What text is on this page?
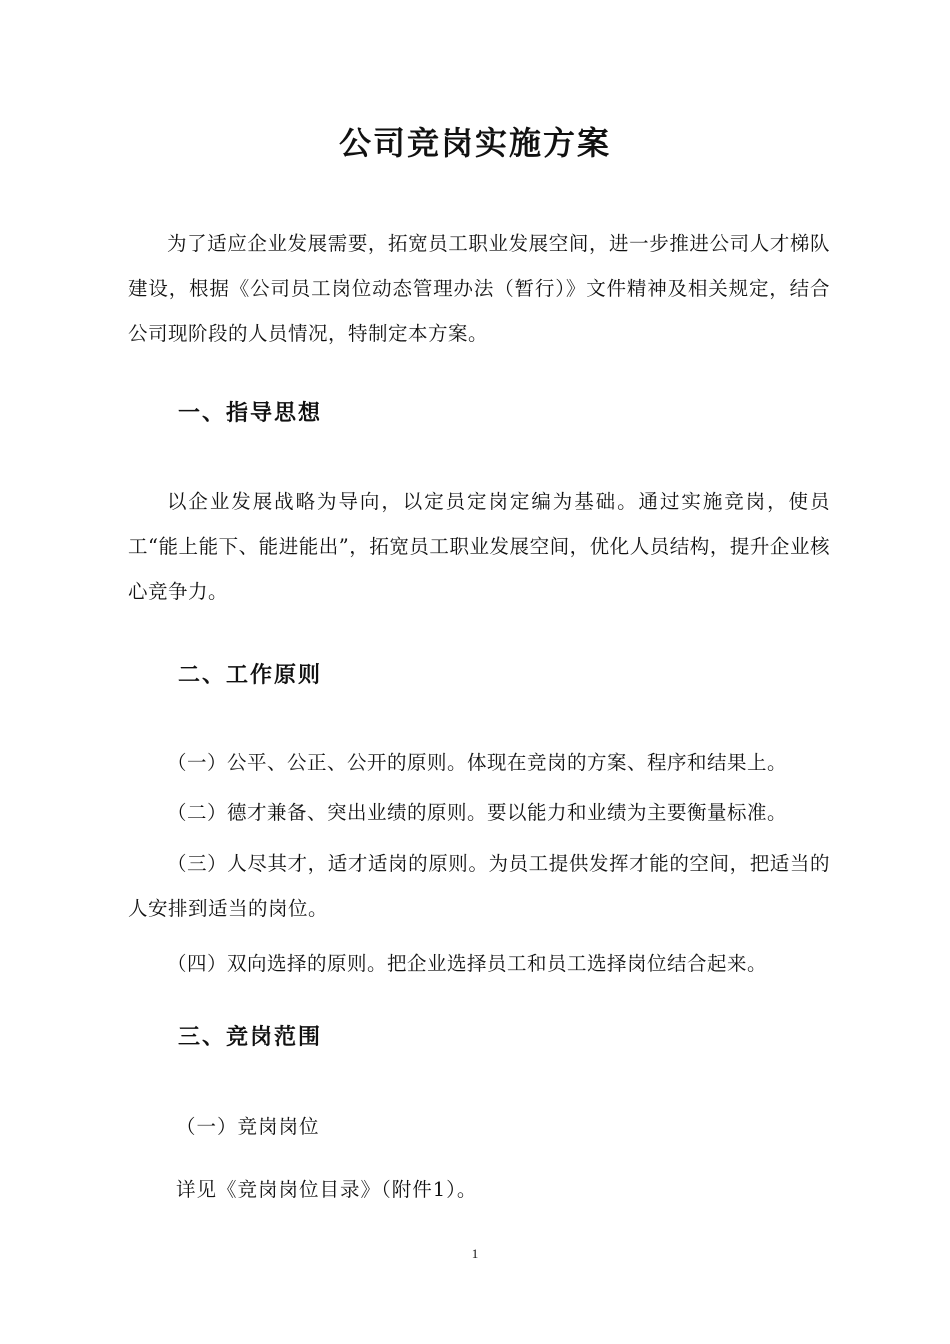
公司竞岗实施方案
为了适应企业发展需要，拓宽员工职业发展空间，进一步推进公司人才梯队建设，根据《公司员工岗位动态管理办法（暂行）》文件精神及相关规定，结合公司现阶段的人员情况，特制定本方案。
一、指导思想
以企业发展战略为导向，以定员定岗定编为基础。通过实施竞岗，使员工“能上能下、能进能出”，拓宽员工职业发展空间，优化人员结构，提升企业核心竞争力。
二、工作原则
（一）公平、公正、公开的原则。体现在竞岗的方案、程序和结果上。
（二）德才兼备、突出业绩的原则。要以能力和业绩为主要衡量标准。
（三）人尽其才，适才适岗的原则。为员工提供发挥才能的空间，把适当的人安排到适当的岗位。
（四）双向选择的原则。把企业选择员工和员工选择岗位结合起来。
三、竞岗范围
（一）竞岗岗位
详见《竞岗岗位目录》（附件1）。
1
